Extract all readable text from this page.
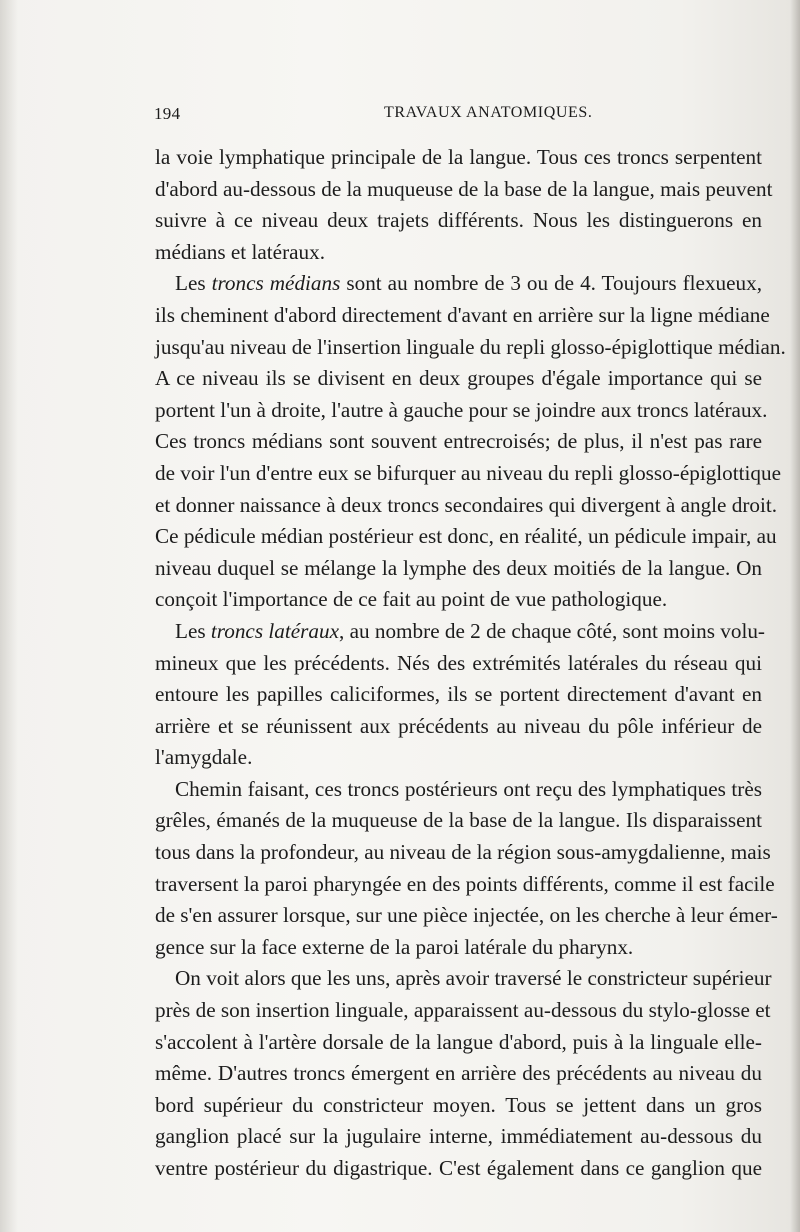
194	TRAVAUX ANATOMIQUES.
la voie lymphatique principale de la langue. Tous ces troncs serpentent
d'abord au-dessous de la muqueuse de la base de la langue, mais peuvent
suivre à ce niveau deux trajets différents. Nous les distinguerons en
médians et latéraux.
Les troncs médians sont au nombre de 3 ou de 4. Toujours flexueux,
ils cheminent d'abord directement d'avant en arrière sur la ligne médiane
jusqu'au niveau de l'insertion linguale du repli glosso-épiglottique médian.
A ce niveau ils se divisent en deux groupes d'égale importance qui se
portent l'un à droite, l'autre à gauche pour se joindre aux troncs latéraux.
Ces troncs médians sont souvent entrecroisés; de plus, il n'est pas rare
de voir l'un d'entre eux se bifurquer au niveau du repli glosso-épiglottique
et donner naissance à deux troncs secondaires qui divergent à angle droit.
Ce pédicule médian postérieur est donc, en réalité, un pédicule impair, au
niveau duquel se mélange la lymphe des deux moitiés de la langue. On
conçoit l'importance de ce fait au point de vue pathologique.
Les troncs latéraux, au nombre de 2 de chaque côté, sont moins volu-
mineux que les précédents. Nés des extrémités latérales du réseau qui
entoure les papilles caliciformes, ils se portent directement d'avant en
arrière et se réunissent aux précédents au niveau du pôle inférieur de
l'amygdale.
Chemin faisant, ces troncs postérieurs ont reçu des lymphatiques très
grêles, émanés de la muqueuse de la base de la langue. Ils disparaissent
tous dans la profondeur, au niveau de la région sous-amygdalienne, mais
traversent la paroi pharyngée en des points différents, comme il est facile
de s'en assurer lorsque, sur une pièce injectée, on les cherche à leur émer-
gence sur la face externe de la paroi latérale du pharynx.
On voit alors que les uns, après avoir traversé le constricteur supérieur
près de son insertion linguale, apparaissent au-dessous du stylo-glosse et
s'accolent à l'artère dorsale de la langue d'abord, puis à la linguale elle-
même. D'autres troncs émergent en arrière des précédents au niveau du
bord supérieur du constricteur moyen. Tous se jettent dans un gros
ganglion placé sur la jugulaire interne, immédiatement au-dessous du
ventre postérieur du digastrique. C'est également dans ce ganglion que
